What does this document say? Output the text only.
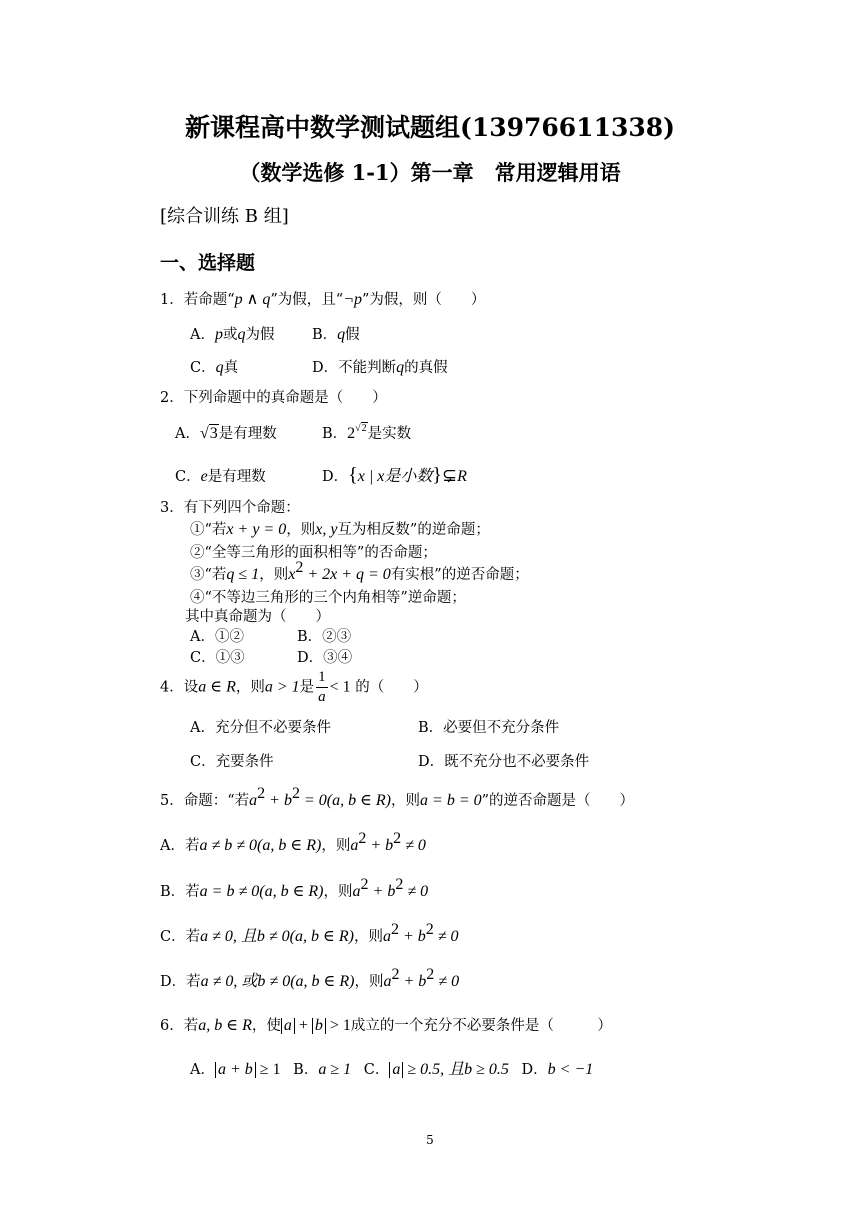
新课程高中数学测试题组(13976611338)
（数学选修 1-1）第一章　常用逻辑用语
[综合训练 B 组]
一、选择题
1．若命题“p ∧ q”为假，且“¬p”为假，则（　　）
A．p或q为假	B．q假
C．q真	D．不能判断q的真假
2．下列命题中的真命题是（　　）
A．√3是有理数	B．$2^{√2}$是实数
C．e是有理数	D．{x | x是小数}⊊R
3．有下列四个命题：
①“若x + y = 0，则x, y互为相反数”的逆命题；
②“全等三角形的面积相等”的否命题；
③“若q ≤ 1，则$x^2 + 2x + q = 0$有实根”的逆否命题；
④“不等边三角形的三个内角相等”逆命题；
其中真命题为（　　）
A．①②	B．②③
C．①③	D．③④
4．设a ∈ R，则a > 1是 $\frac{1}{a} < 1$ 的（　　）
A．充分但不必要条件	B．必要但不充分条件
C．充要条件	D．既不充分也不必要条件
5．命题：“若$a^2 + b^2 = 0(a$, b ∈ R)，则a = b = 0”的逆否命题是（　　）
A．若a ≠ b ≠ 0(a, b ∈ R)，则$a^2 + b^2 \ne 0$
B．若a = b ≠ 0(a, b ∈ R)，则$a^2 + b^2 \ne 0$
C．若a ≠ 0, 且b ≠ 0(a, b ∈ R)，则$a^2 + b^2 \ne 0$
D．若a ≠ 0, 或b ≠ 0(a, b ∈ R)，则$a^2 + b^2 \ne 0$
6．若a, b ∈ R，使 a + b > 1成立的一个充分不必要条件是（　　　）
A． a + b ≥ 1 B．a ≥ 1 C． a ≥ 0.5, 且b ≥ 0.5 D．b < −1
5
